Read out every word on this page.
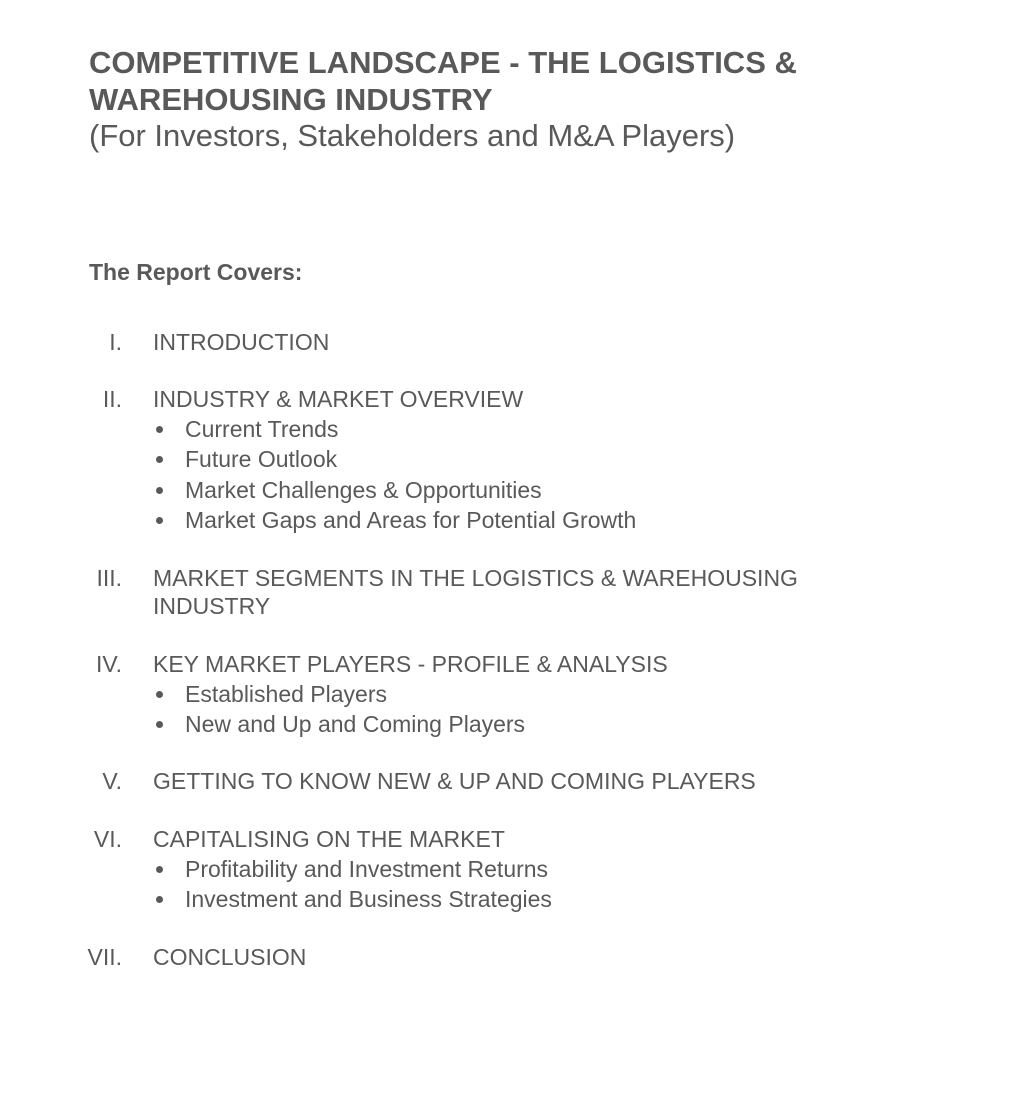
COMPETITIVE LANDSCAPE - THE LOGISTICS & WAREHOUSING INDUSTRY
(For Investors, Stakeholders and M&A Players)
The Report Covers:
I. INTRODUCTION
II. INDUSTRY & MARKET OVERVIEW
Current Trends
Future Outlook
Market Challenges & Opportunities
Market Gaps and Areas for Potential Growth
III. MARKET SEGMENTS IN THE LOGISTICS & WAREHOUSING INDUSTRY
IV. KEY MARKET PLAYERS - PROFILE & ANALYSIS
Established Players
New and Up and Coming Players
V. GETTING TO KNOW NEW & UP AND COMING PLAYERS
VI. CAPITALISING ON THE MARKET
Profitability and Investment Returns
Investment and Business Strategies
VII. CONCLUSION
